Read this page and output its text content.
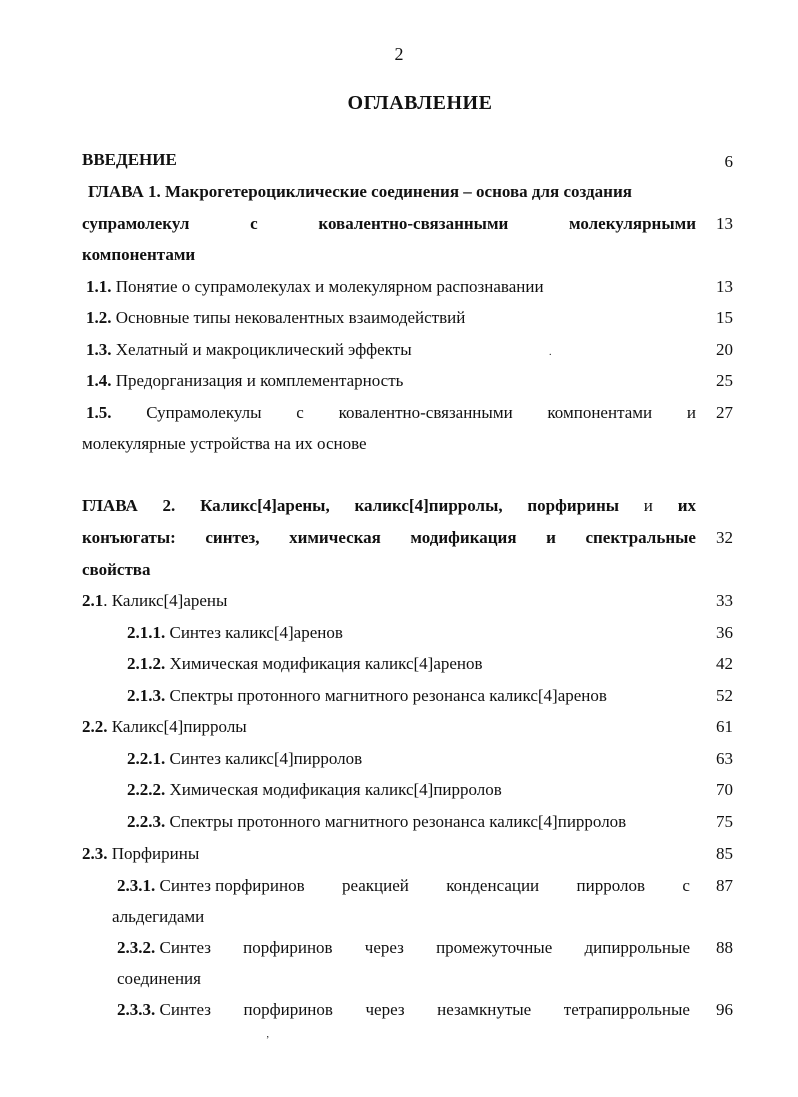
2
ОГЛАВЛЕНИЕ
ВВЕДЕНИЕ	6
ГЛАВА 1. Макрогетероциклические соединения – основа для создания
супрамолекул	с	ковалентно-связанными	молекулярными 13
компонентами
1.1. Понятие о супрамолекулах и молекулярном распознавании	13
1.2. Основные типы нековалентных взаимодействий	15
1.3. Хелатный и макроциклический эффекты	.	20
1.4. Предорганизация и комплементарность	25
1.5. Супрамолекулы с ковалентно-связанными компонентами и 27
молекулярные устройства на их основе
ГЛАВА 2. Каликс[4]арены, каликс[4]пирролы, порфирины и их
конъюгаты: синтез, химическая модификация и спектральные 32
свойства
2.1. Каликс[4]арены	33
2.1.1. Синтез каликс[4]аренов	36
2.1.2. Химическая модификация каликс[4]аренов	42
2.1.3. Спектры протонного магнитного резонанса каликс[4]аренов	52
2.2. Каликс[4]пирролы	61
2.2.1. Синтез каликс[4]пирролов	63
2.2.2. Химическая модификация каликс[4]пирролов	70
2.2.3. Спектры протонного магнитного резонанса каликс[4]пирролов	75
2.3. Порфирины	85
2.3.1. Синтез порфиринов реакцией конденсации пирролов с 87
альдегидами
2.3.2. Синтез порфиринов через промежуточные дипиррольные 88
соединения
2.3.3. Синтез порфиринов через незамкнутые тетрапиррольные 96
‚
